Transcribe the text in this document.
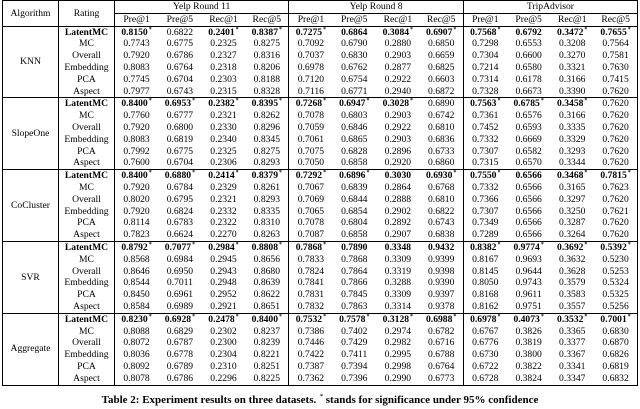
Algorithm	Rating	Yelp Round 11				Yelp Round 8				TripAdvisor			
		Pre@1	Pre@5	Rec@1	Rec@5	Pre@1	Pre@5	Rec@1	Rec@5	Pre@1	Pre@5	Rec@1	Rec@5
KNN	LatentMC	0.8150*	0.6822	0.2401*	0.8387*	0.7275*	0.6864	0.3084*	0.6907*	0.7568*	0.6792	0.3472*	0.7655*
	MC	0.7743	0.6775	0.2325	0.8275	0.7092	0.6790	0.2880	0.6850	0.7298	0.6553	0.3208	0.7564
	Overall	0.7920	0.6786	0.2327	0.8316	0.7037	0.6830	0.2903	0.6659	0.7304	0.6600	0.3270	0.7581
	Embedding	0.8083	0.6764	0.2318	0.8206	0.6978	0.6762	0.2877	0.6825	0.7214	0.6580	0.3321	0.7630
	PCA	0.7745	0.6704	0.2303	0.8188	0.7120	0.6754	0.2922	0.6603	0.7314	0.6178	0.3166	0.7415
	Aspect	0.7977	0.6743	0.2315	0.8328	0.7116	0.6771	0.2940	0.6872	0.7328	0.6673	0.3390	0.7620
SlopeOne	LatentMC	0.8400*	0.6953*	0.2382*	0.8395*	0.7268*	0.6947*	0.3028*	0.6890	0.7563*	0.6785*	0.3458*	0.7620
	MC	0.7760	0.6777	0.2321	0.8262	0.7078	0.6803	0.2903	0.6742	0.7361	0.6576	0.3166	0.7620
	Overall	0.7920	0.6800	0.2330	0.8296	0.7059	0.6846	0.2922	0.6810	0.7452	0.6593	0.3335	0.7620
	Embedding	0.8083	0.6819	0.2340	0.8345	0.7061	0.6865	0.2903	0.6836	0.7332	0.6669	0.3329	0.7620
	PCA	0.7992	0.6775	0.2325	0.8275	0.7075	0.6828	0.2896	0.6733	0.7307	0.6582	0.3293	0.7620
	Aspect	0.7600	0.6704	0.2306	0.8293	0.7050	0.6858	0.2920	0.6860	0.7315	0.6570	0.3344	0.7620
CoCluster	LatentMC	0.8400*	0.6880*	0.2414*	0.8379*	0.7292*	0.6896*	0.3030	0.6930*	0.7550*	0.6566	0.3468*	0.7815*
	MC	0.7920	0.6784	0.2329	0.8261	0.7067	0.6839	0.2864	0.6768	0.7332	0.6566	0.3165	0.7623
	Overall	0.8020	0.6795	0.2321	0.8293	0.7069	0.6844	0.2888	0.6810	0.7366	0.6566	0.3297	0.7620
	Embedding	0.7920	0.6824	0.2332	0.8335	0.7065	0.6854	0.2902	0.6822	0.7307	0.6566	0.3250	0.7621
	PCA	0.8114	0.6783	0.2322	0.8310	0.7078	0.6804	0.2892	0.6743	0.7349	0.6566	0.3287	0.7620
	Aspect	0.7823	0.6624	0.2270	0.8263	0.7087	0.6858	0.2907	0.6838	0.7289	0.6566	0.3264	0.7620
SVR	LatentMC	0.8792*	0.7077*	0.2984*	0.8808*	0.7868*	0.7890	0.3348	0.9432	0.8382*	0.9774*	0.3692*	0.5392*
	MC	0.8568	0.6984	0.2945	0.8656	0.7833	0.7868	0.3309	0.9399	0.8167	0.9693	0.3632	0.5230
	Overall	0.8646	0.6950	0.2943	0.8680	0.7824	0.7864	0.3319	0.9398	0.8145	0.9644	0.3628	0.5253
	Embedding	0.8544	0.7011	0.2948	0.8639	0.7841	0.7866	0.3288	0.9390	0.8050	0.9743	0.3579	0.5324
	PCA	0.8450	0.6961	0.2952	0.8622	0.7831	0.7845	0.3309	0.9397	0.8168	0.9611	0.3583	0.5325
	Aspect	0.8584	0.6989	0.2921	0.8651	0.7832	0.7863	0.3314	0.9378	0.8162	0.9751	0.3557	0.5256
Aggregate	LatentMC	0.8230*	0.6928*	0.2478*	0.8400*	0.7532*	0.7578*	0.3128*	0.6988*	0.6978*	0.4073*	0.3532*	0.7001*
	MC	0.8088	0.6829	0.2302	0.8237	0.7386	0.7402	0.2974	0.6782	0.6767	0.3826	0.3365	0.6830
	Overall	0.8072	0.6787	0.2300	0.8239	0.7446	0.7429	0.2982	0.6716	0.6776	0.3819	0.3377	0.6870
	Embedding	0.8036	0.6778	0.2304	0.8221	0.7422	0.7411	0.2995	0.6788	0.6730	0.3800	0.3367	0.6826
	PCA	0.8092	0.6789	0.2310	0.8251	0.7387	0.7394	0.2998	0.6764	0.6722	0.3822	0.3341	0.6819
	Aspect	0.8078	0.6786	0.2296	0.8225	0.7362	0.7396	0.2990	0.6773	0.6728	0.3824	0.3347	0.6832
Table 2: Experiment results on three datasets. * stands for significance under 95% confidence
